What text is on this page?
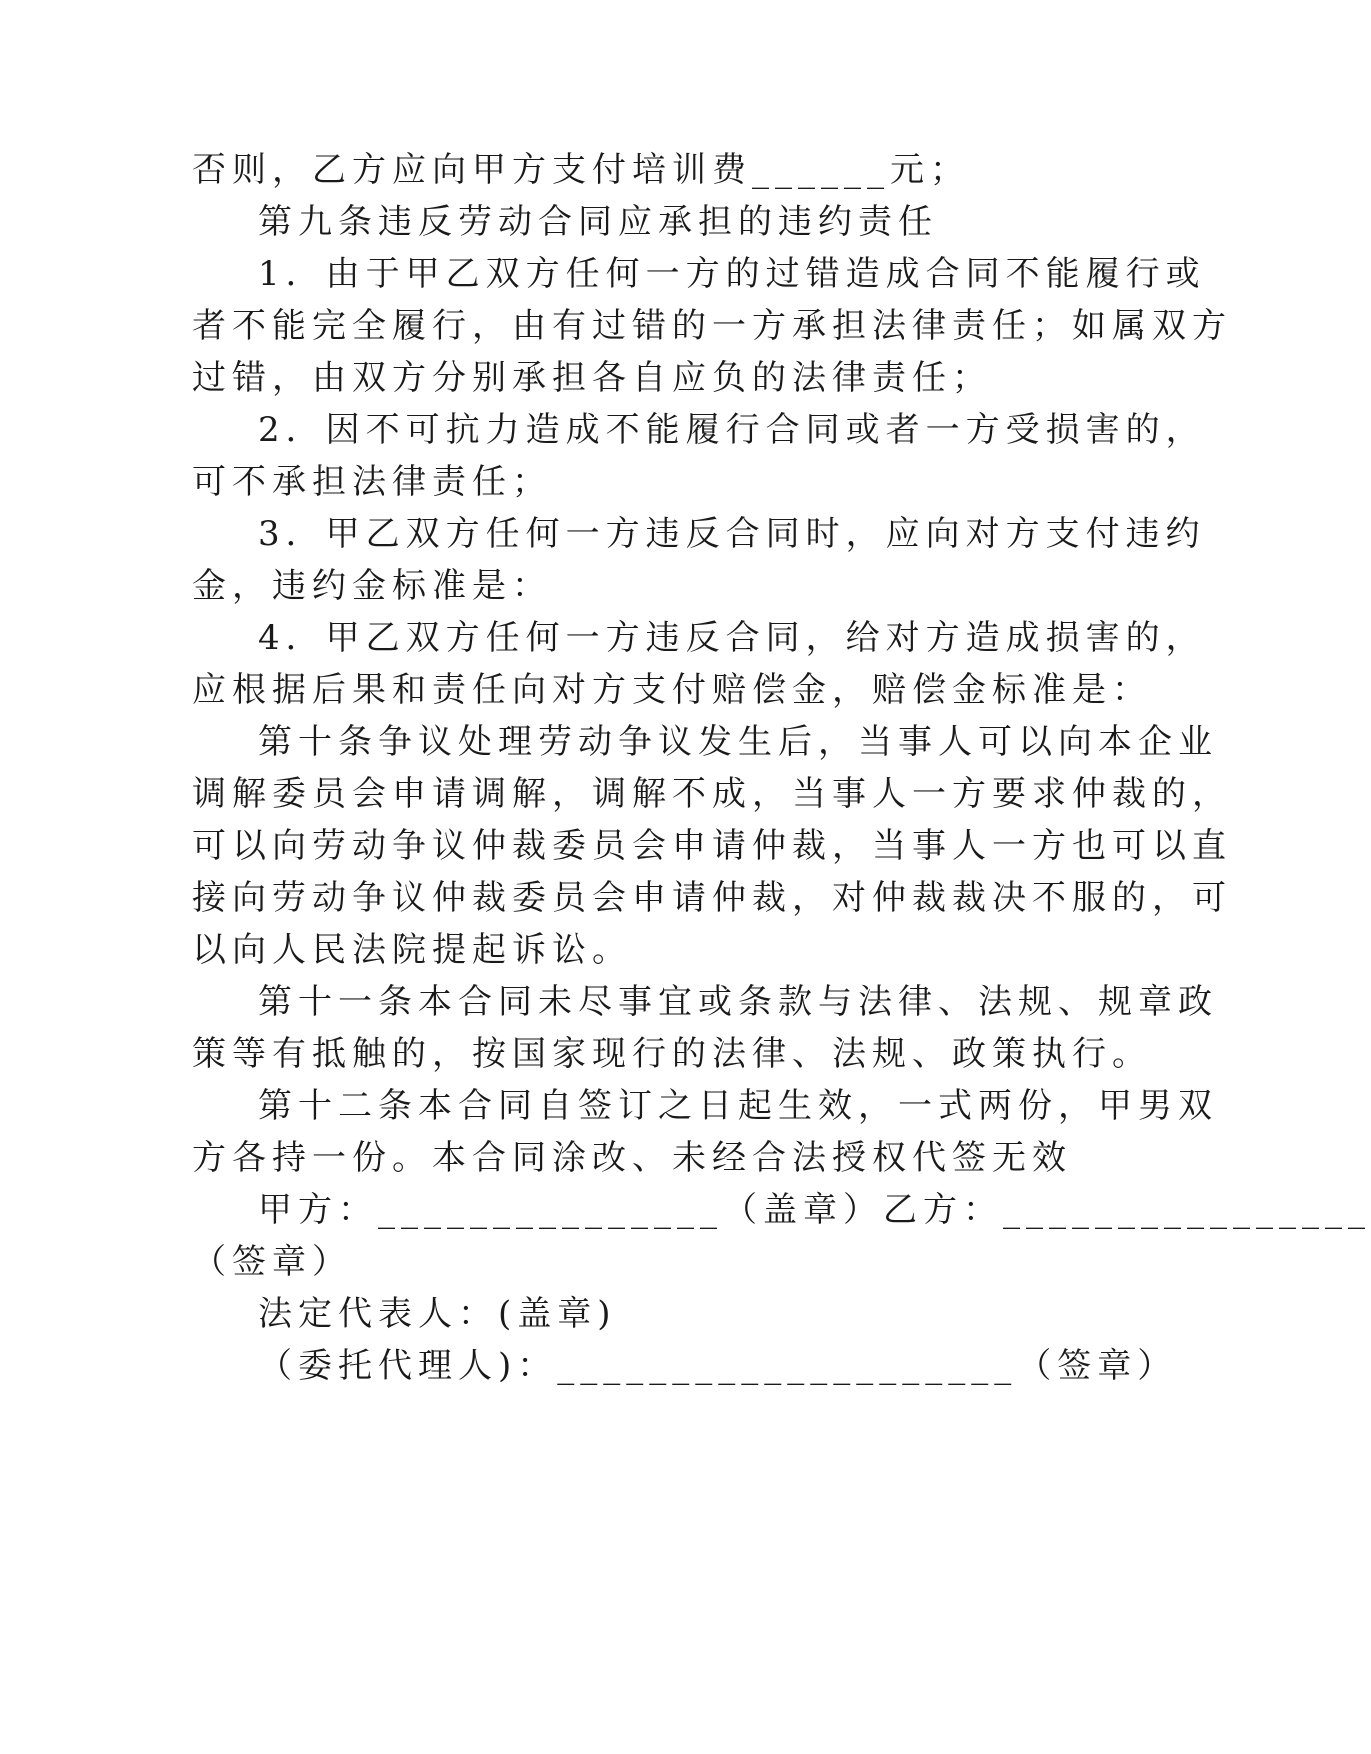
否则，乙方应向甲方支付培训费______元；

第九条违反劳动合同应承担的违约责任

1．由于甲乙双方任何一方的过错造成合同不能履行或

者不能完全履行，由有过错的一方承担法律责任；如属双方

过错，由双方分别承担各自应负的法律责任；

2．因不可抗力造成不能履行合同或者一方受损害的，

可不承担法律责任；

3．甲乙双方任何一方违反合同时，应向对方支付违约

金，违约金标准是：

4．甲乙双方任何一方违反合同，给对方造成损害的，

应根据后果和责任向对方支付赔偿金，赔偿金标准是：

第十条争议处理劳动争议发生后，当事人可以向本企业

调解委员会申请调解，调解不成，当事人一方要求仲裁的，

可以向劳动争议仲裁委员会申请仲裁，当事人一方也可以直

接向劳动争议仲裁委员会申请仲裁，对仲裁裁决不服的，可

以向人民法院提起诉讼。

第十一条本合同未尽事宜或条款与法律、法规、规章政

策等有抵触的，按国家现行的法律、法规、政策执行。

第十二条本合同自签订之日起生效，一式两份，甲男双

方各持一份。本合同涂改、未经合法授权代签无效

甲方：_______________（盖章）乙方：________________

（签章）

法定代表人：(盖章)

（委托代理人)：____________________（签章）
